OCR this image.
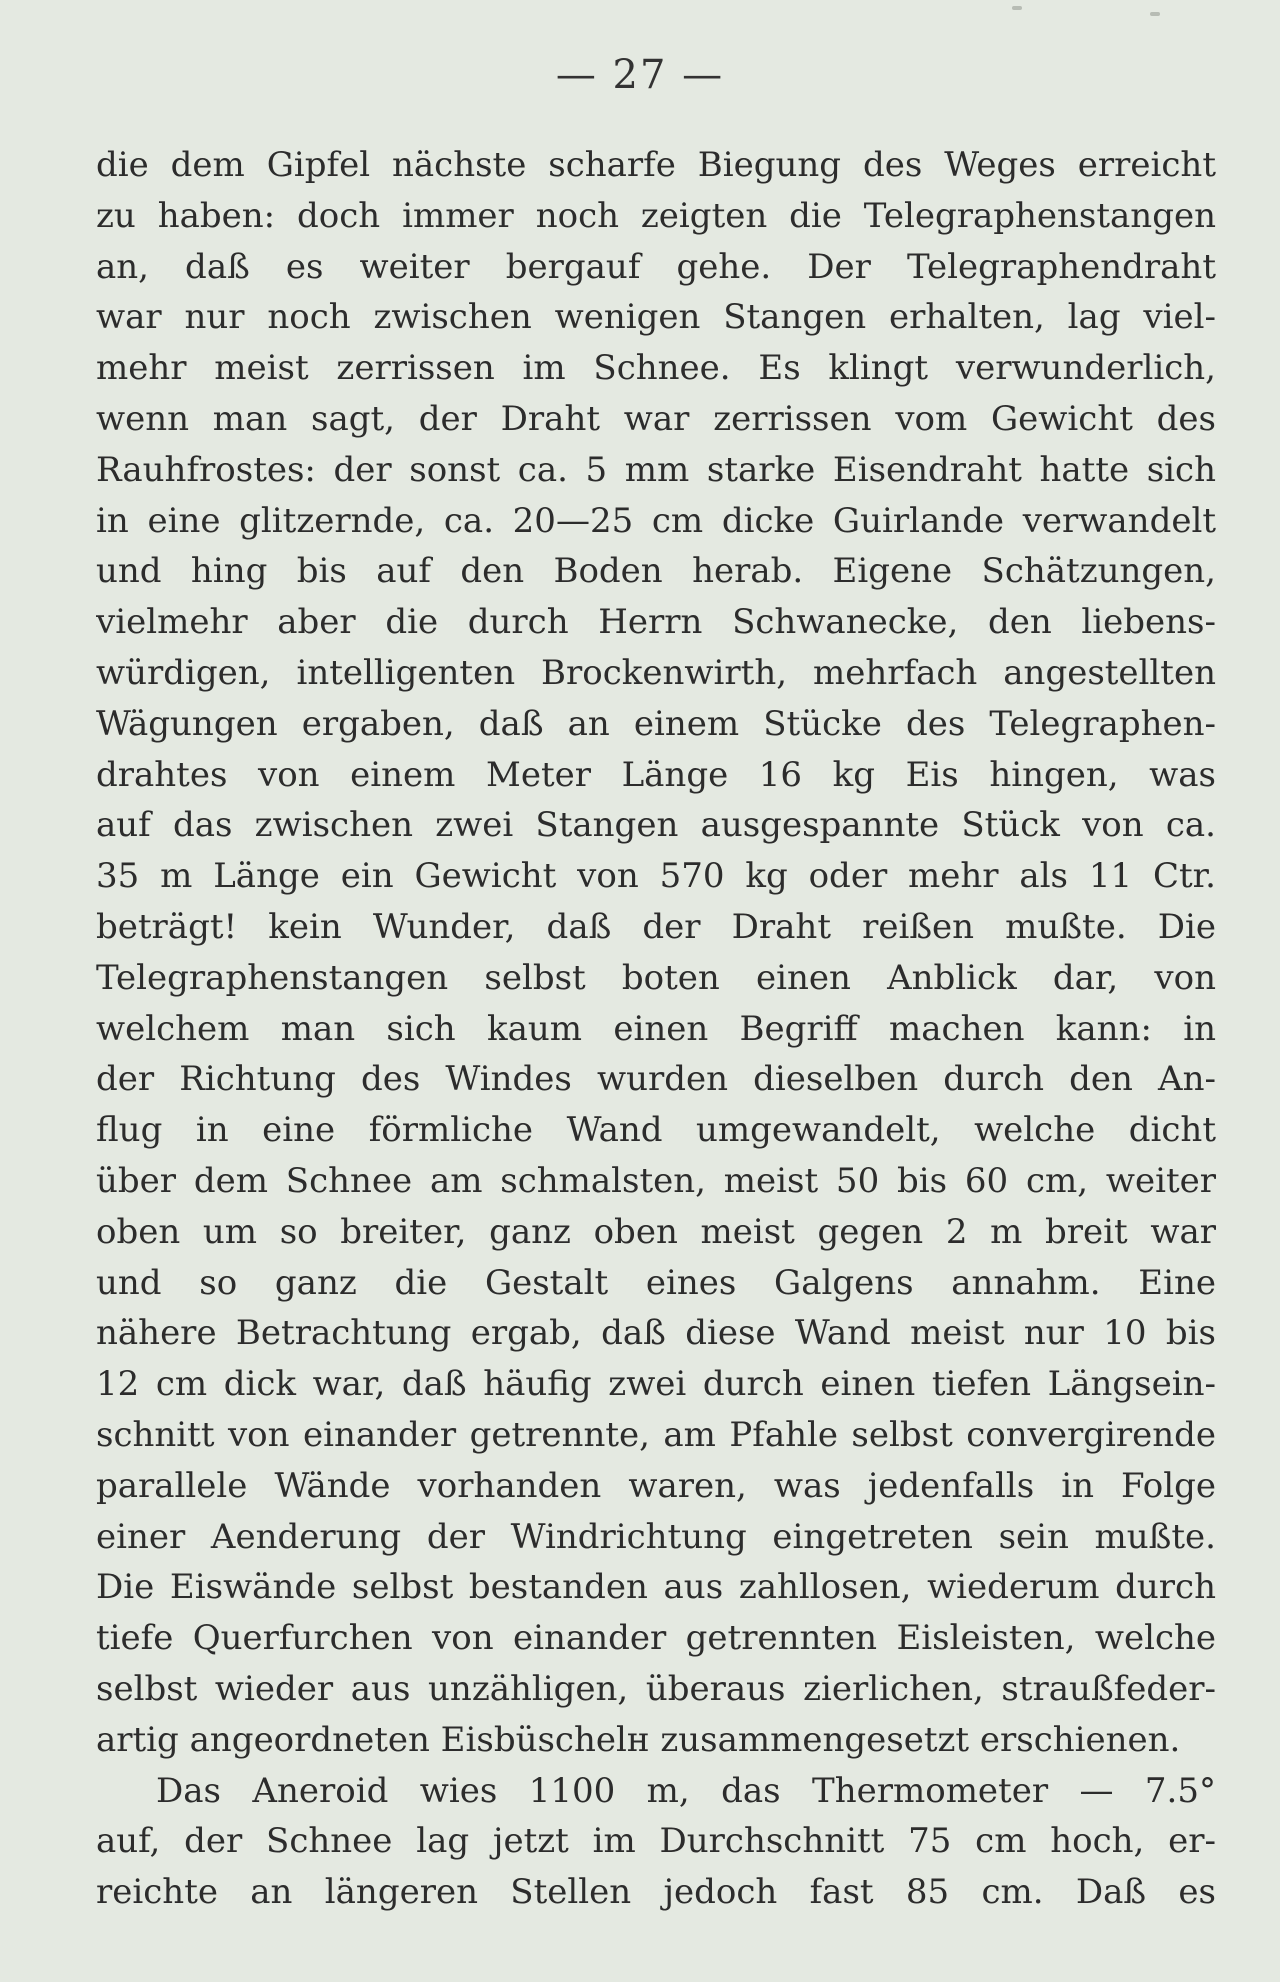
— 27 —
die dem Gipfel nächste scharfe Biegung des Weges erreicht
zu haben: doch immer noch zeigten die Telegraphenstangen
an, daß es weiter bergauf gehe. Der Telegraphendraht
war nur noch zwischen wenigen Stangen erhalten, lag viel-
mehr meist zerrissen im Schnee. Es klingt verwunderlich,
wenn man sagt, der Draht war zerrissen vom Gewicht des
Rauhfrostes: der sonst ca. 5 mm starke Eisendraht hatte sich
in eine glitzernde, ca. 20—25 cm dicke Guirlande verwandelt
und hing bis auf den Boden herab. Eigene Schätzungen,
vielmehr aber die durch Herrn Schwanecke, den liebens-
würdigen, intelligenten Brockenwirth, mehrfach angestellten
Wägungen ergaben, daß an einem Stücke des Telegraphen-
drahtes von einem Meter Länge 16 kg Eis hingen, was
auf das zwischen zwei Stangen ausgespannte Stück von ca.
35 m Länge ein Gewicht von 570 kg oder mehr als 11 Ctr.
beträgt! kein Wunder, daß der Draht reißen mußte. Die
Telegraphenstangen selbst boten einen Anblick dar, von
welchem man sich kaum einen Begriff machen kann: in
der Richtung des Windes wurden dieselben durch den An-
flug in eine förmliche Wand umgewandelt, welche dicht
über dem Schnee am schmalsten, meist 50 bis 60 cm, weiter
oben um so breiter, ganz oben meist gegen 2 m breit war
und so ganz die Gestalt eines Galgens annahm. Eine
nähere Betrachtung ergab, daß diese Wand meist nur 10 bis
12 cm dick war, daß häufig zwei durch einen tiefen Längsein-
schnitt von einander getrennte, am Pfahle selbst convergirende
parallele Wände vorhanden waren, was jedenfalls in Folge
einer Aenderung der Windrichtung eingetreten sein mußte.
Die Eiswände selbst bestanden aus zahllosen, wiederum durch
tiefe Querfurchen von einander getrennten Eisleisten, welche
selbst wieder aus unzähligen, überaus zierlichen, straußfeder-
artig angeordneten Eisbüschelн zusammengesetzt erschienen.
Das Aneroid wies 1100 m, das Thermometer — 7.5°
auf, der Schnee lag jetzt im Durchschnitt 75 cm hoch, er-
reichte an längeren Stellen jedoch fast 85 cm. Daß es
